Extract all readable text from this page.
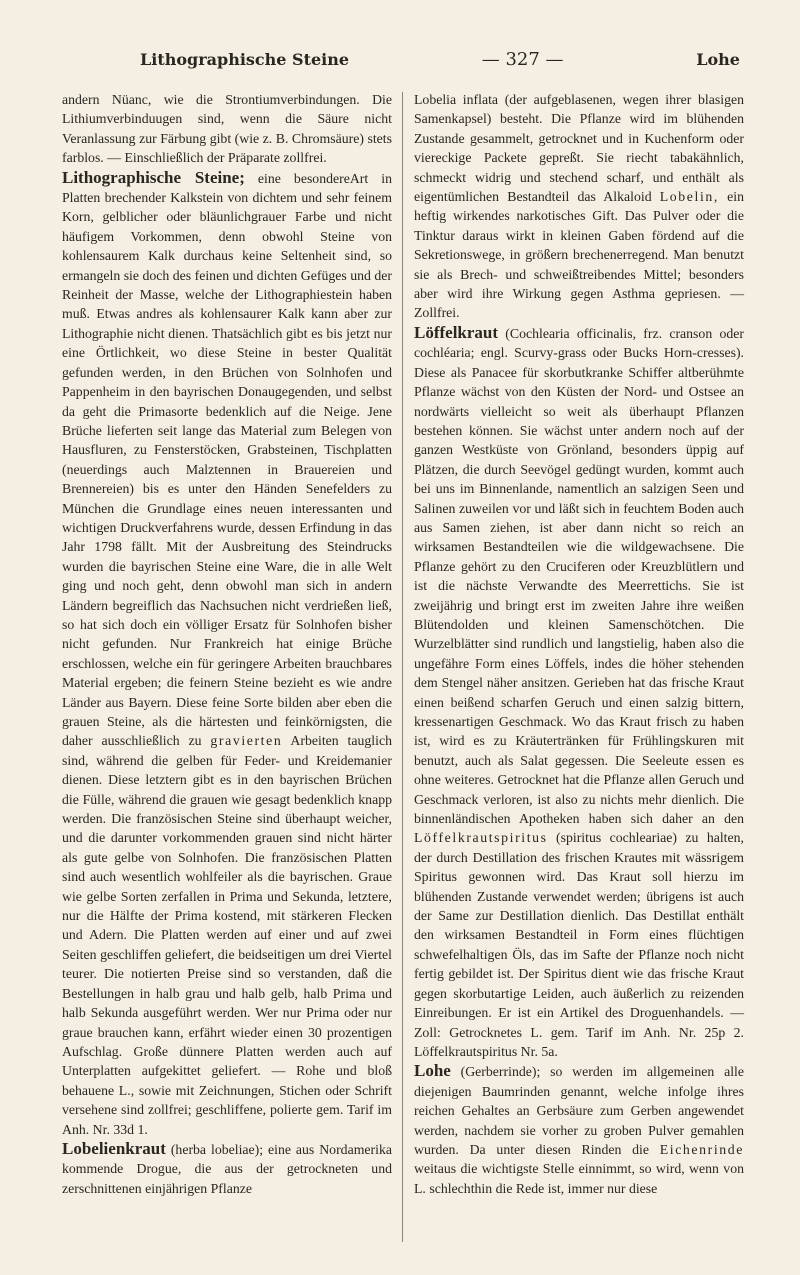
Lithographische Steine	— 327 —	Lohe

andern Nüanc, wie die Strontiumverbindungen. Die Lithiumverbinduugen sind, wenn die Säure nicht Veranlassung zur Färbung gibt (wie z. B. Chromsäure) stets farblos. — Einschließlich der Präparate zollfrei.

Lithographische Steine; eine besondereArt in Platten brechender Kalkstein von dichtem und sehr feinem Korn, gelblicher oder bläunlichgrauer Farbe und nicht häufigem Vorkommen, denn obwohl Steine von kohlensaurem Kalk durchaus keine Seltenheit sind, so ermangeln sie doch des feinen und dichten Gefüges und der Reinheit der Masse, welche der Lithographiestein haben muß. Etwas andres als kohlensaurer Kalk kann aber zur Lithographie nicht dienen. Thatsächlich gibt es bis jetzt nur eine Örtlichkeit, wo diese Steine in bester Qualität gefunden werden, in den Brüchen von Solnhofen und Pappenheim in den bayrischen Donaugegenden, und selbst da geht die Primasorte bedenklich auf die Neige. Jene Brüche lieferten seit lange das Material zum Belegen von Hausfluren, zu Fensterstöcken, Grabsteinen, Tischplatten (neuerdings auch Malztennen in Brauereien und Brennereien) bis es unter den Händen Senefelders zu München die Grundlage eines neuen interessanten und wichtigen Druckverfahrens wurde, dessen Erfindung in das Jahr 1798 fällt. Mit der Ausbreitung des Steindrucks wurden die bayrischen Steine eine Ware, die in alle Welt ging und noch geht, denn obwohl man sich in andern Ländern begreiflich das Nachsuchen nicht verdrießen ließ, so hat sich doch ein völliger Ersatz für Solnhofen bisher nicht gefunden. Nur Frankreich hat einige Brüche erschlossen, welche ein für geringere Arbeiten brauchbares Material ergeben; die feinern Steine bezieht es wie andre Länder aus Bayern. Diese feine Sorte bilden aber eben die grauen Steine, als die härtesten und feinkörnigsten, die daher ausschließlich zu gravierten Arbeiten tauglich sind, während die gelben für Feder- und Kreidemanier dienen. Diese letztern gibt es in den bayrischen Brüchen die Fülle, während die grauen wie gesagt bedenklich knapp werden. Die französischen Steine sind überhaupt weicher, und die darunter vorkommenden grauen sind nicht härter als gute gelbe von Solnhofen. Die französischen Platten sind auch wesentlich wohlfeiler als die bayrischen. Graue wie gelbe Sorten zerfallen in Prima und Sekunda, letztere, nur die Hälfte der Prima kostend, mit stärkeren Flecken und Adern. Die Platten werden auf einer und auf zwei Seiten geschliffen geliefert, die beidseitigen um drei Viertel teurer. Die notierten Preise sind so verstanden, daß die Bestellungen in halb grau und halb gelb, halb Prima und halb Sekunda ausgeführt werden. Wer nur Prima oder nur graue brauchen kann, erfährt wieder einen 30 prozentigen Aufschlag. Große dünnere Platten werden auch auf Unterplatten aufgekittet geliefert. — Rohe und bloß behauene L., sowie mit Zeichnungen, Stichen oder Schrift versehene sind zollfrei; geschliffene, polierte gem. Tarif im Anh. Nr. 33d 1.

Lobelienkraut (herba lobeliae); eine aus Nordamerika kommende Drogue, die aus der getrockneten und zerschnittenen einjährigen Pflanze

Lobelia inflata (der aufgeblasenen, wegen ihrer blasigen Samenkapsel) besteht. Die Pflanze wird im blühenden Zustande gesammelt, getrocknet und in Kuchenform oder viereckige Packete gepreßt. Sie riecht tabakähnlich, schmeckt widrig und stechend scharf, und enthält als eigentümlichen Bestandteil das Alkaloid Lobelin, ein heftig wirkendes narkotisches Gift. Das Pulver oder die Tinktur daraus wirkt in kleinen Gaben fördend auf die Sekretionswege, in größern brechenerregend. Man benutzt sie als Brech- und schweißtreibendes Mittel; besonders aber wird ihre Wirkung gegen Asthma gepriesen. — Zollfrei.

Löffelkraut (Cochlearia officinalis, frz. cranson oder cochléaria; engl. Scurvy-grass oder Bucks Horn-cresses). Diese als Panacee für skorbutkranke Schiffer altberühmte Pflanze wächst von den Küsten der Nord- und Ostsee an nordwärts vielleicht so weit als überhaupt Pflanzen bestehen können. Sie wächst unter andern noch auf der ganzen Westküste von Grönland, besonders üppig auf Plätzen, die durch Seevögel gedüngt wurden, kommt auch bei uns im Binnenlande, namentlich an salzigen Seen und Salinen zuweilen vor und läßt sich in feuchtem Boden auch aus Samen ziehen, ist aber dann nicht so reich an wirksamen Bestandteilen wie die wildgewachsene. Die Pflanze gehört zu den Cruciferen oder Kreuzblütlern und ist die nächste Verwandte des Meerrettichs. Sie ist zweijährig und bringt erst im zweiten Jahre ihre weißen Blütendolden und kleinen Samenschötchen. Die Wurzelblätter sind rundlich und langstielig, haben also die ungefähre Form eines Löffels, indes die höher stehenden dem Stengel näher ansitzen. Gerieben hat das frische Kraut einen beißend scharfen Geruch und einen salzig bittern, kressenartigen Geschmack. Wo das Kraut frisch zu haben ist, wird es zu Kräutertränken für Frühlingskuren mit benutzt, auch als Salat gegessen. Die Seeleute essen es ohne weiteres. Getrocknet hat die Pflanze allen Geruch und Geschmack verloren, ist also zu nichts mehr dienlich. Die binnenländischen Apotheken haben sich daher an den Löffelkrautspiritus (spiritus cochleariae) zu halten, der durch Destillation des frischen Krautes mit wässrigem Spiritus gewonnen wird. Das Kraut soll hierzu im blühenden Zustande verwendet werden; übrigens ist auch der Same zur Destillation dienlich. Das Destillat enthält den wirksamen Bestandteil in Form eines flüchtigen schwefelhaltigen Öls, das im Safte der Pflanze noch nicht fertig gebildet ist. Der Spiritus dient wie das frische Kraut gegen skorbutartige Leiden, auch äußerlich zu reizenden Einreibungen. Er ist ein Artikel des Droguenhandels. — Zoll: Getrocknetes L. gem. Tarif im Anh. Nr. 25p 2. Löffelkrautspiritus Nr. 5a.

Lohe (Gerberrinde); so werden im allgemeinen alle diejenigen Baumrinden genannt, welche infolge ihres reichen Gehaltes an Gerbsäure zum Gerben angewendet werden, nachdem sie vorher zu groben Pulver gemahlen wurden. Da unter diesen Rinden die Eichenrinde weitaus die wichtigste Stelle einnimmt, so wird, wenn von L. schlechthin die Rede ist, immer nur diese
